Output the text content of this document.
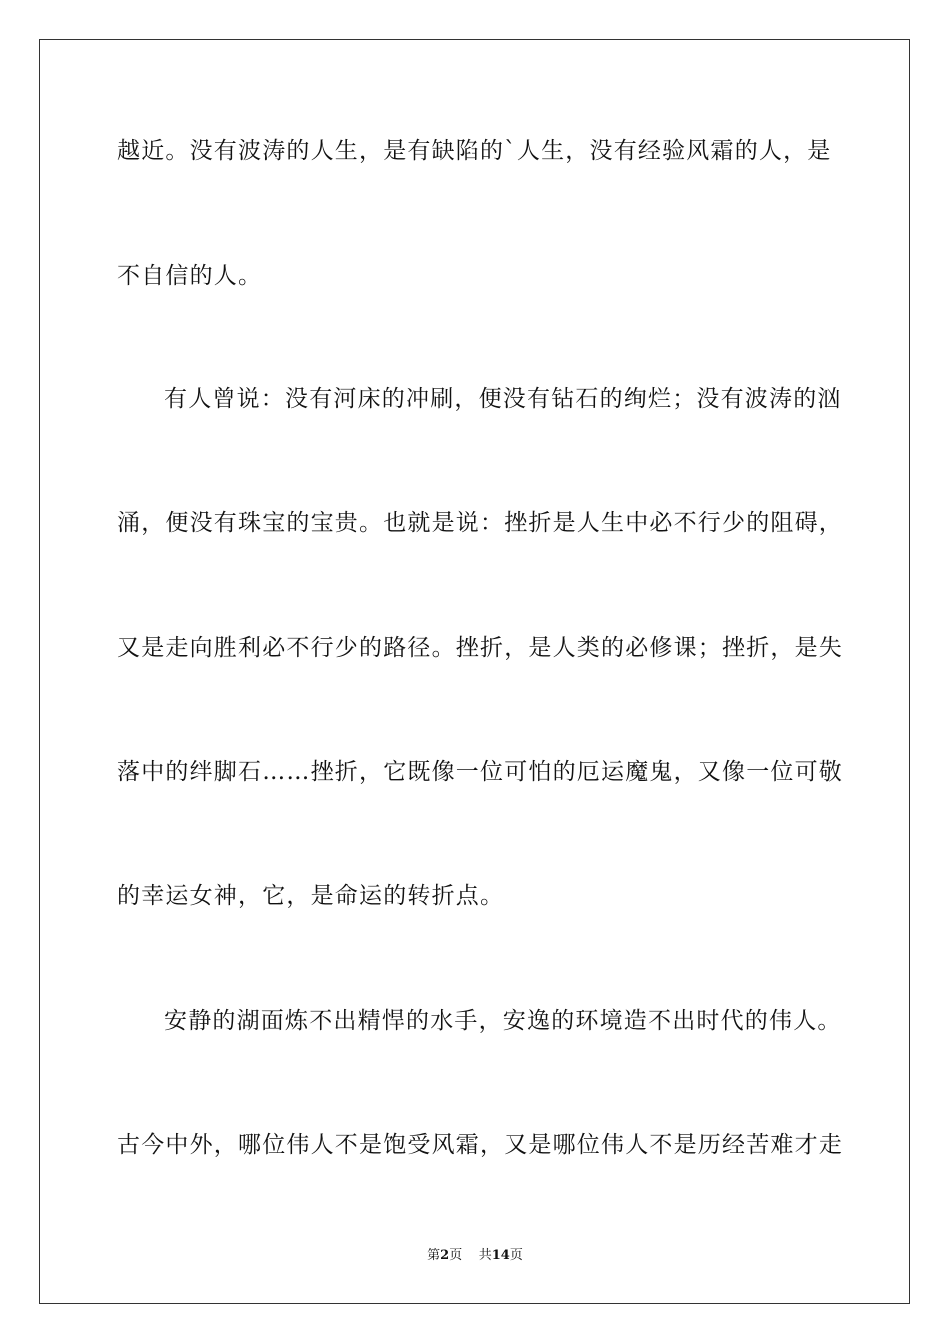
越近。没有波涛的人生，是有缺陷的`人生，没有经验风霜的人，是
不自信的人。
有人曾说：没有河床的冲刷，便没有钻石的绚烂；没有波涛的汹
涌，便没有珠宝的宝贵。也就是说：挫折是人生中必不行少的阻碍，
又是走向胜利必不行少的路径。挫折，是人类的必修课；挫折，是失
落中的绊脚石……挫折，它既像一位可怕的厄运魔鬼，又像一位可敬
的幸运女神，它，是命运的转折点。
安静的湖面炼不出精悍的水手，安逸的环境造不出时代的伟人。
古今中外，哪位伟人不是饱受风霜，又是哪位伟人不是历经苦难才走
第2页 共14页
